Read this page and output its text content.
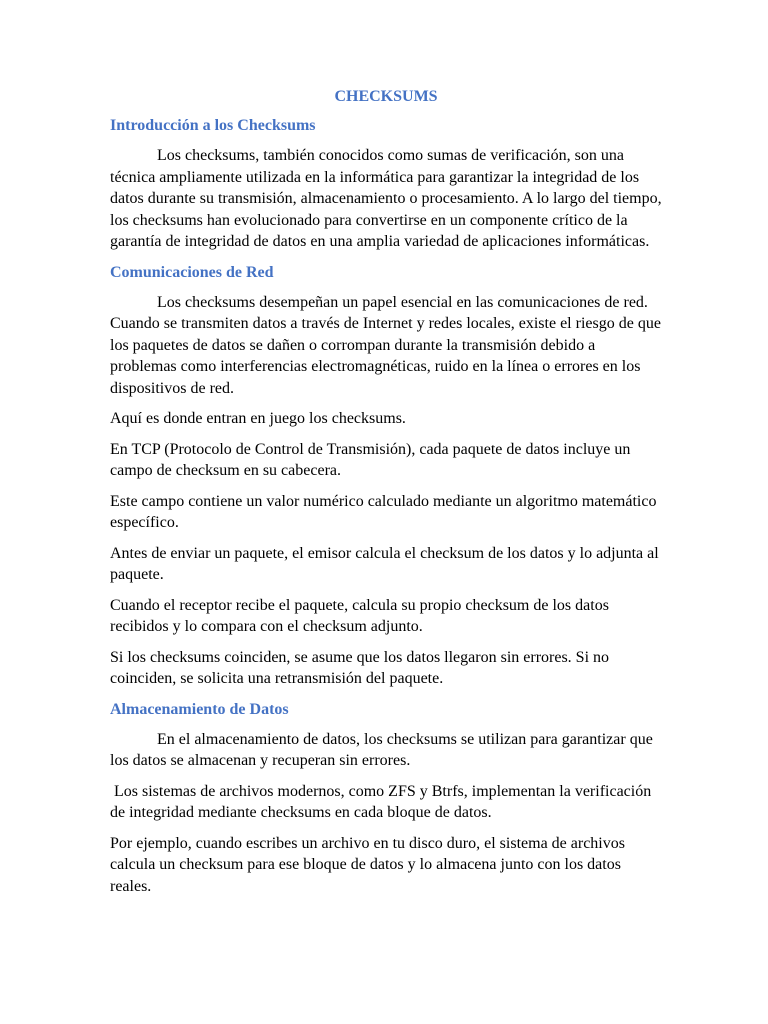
CHECKSUMS
Introducción a los Checksums

Los checksums, también conocidos como sumas de verificación, son una técnica ampliamente utilizada en la informática para garantizar la integridad de los datos durante su transmisión, almacenamiento o procesamiento. A lo largo del tiempo, los checksums han evolucionado para convertirse en un componente crítico de la garantía de integridad de datos en una amplia variedad de aplicaciones informáticas.

Comunicaciones de Red

Los checksums desempeñan un papel esencial en las comunicaciones de red. Cuando se transmiten datos a través de Internet y redes locales, existe el riesgo de que los paquetes de datos se dañen o corrompan durante la transmisión debido a problemas como interferencias electromagnéticas, ruido en la línea o errores en los dispositivos de red.

Aquí es donde entran en juego los checksums.

En TCP (Protocolo de Control de Transmisión), cada paquete de datos incluye un campo de checksum en su cabecera.

Este campo contiene un valor numérico calculado mediante un algoritmo matemático específico.

Antes de enviar un paquete, el emisor calcula el checksum de los datos y lo adjunta al paquete.

Cuando el receptor recibe el paquete, calcula su propio checksum de los datos recibidos y lo compara con el checksum adjunto.

Si los checksums coinciden, se asume que los datos llegaron sin errores. Si no coinciden, se solicita una retransmisión del paquete.

Almacenamiento de Datos

En el almacenamiento de datos, los checksums se utilizan para garantizar que los datos se almacenan y recuperan sin errores.

Los sistemas de archivos modernos, como ZFS y Btrfs, implementan la verificación de integridad mediante checksums en cada bloque de datos.

Por ejemplo, cuando escribes un archivo en tu disco duro, el sistema de archivos calcula un checksum para ese bloque de datos y lo almacena junto con los datos reales.
